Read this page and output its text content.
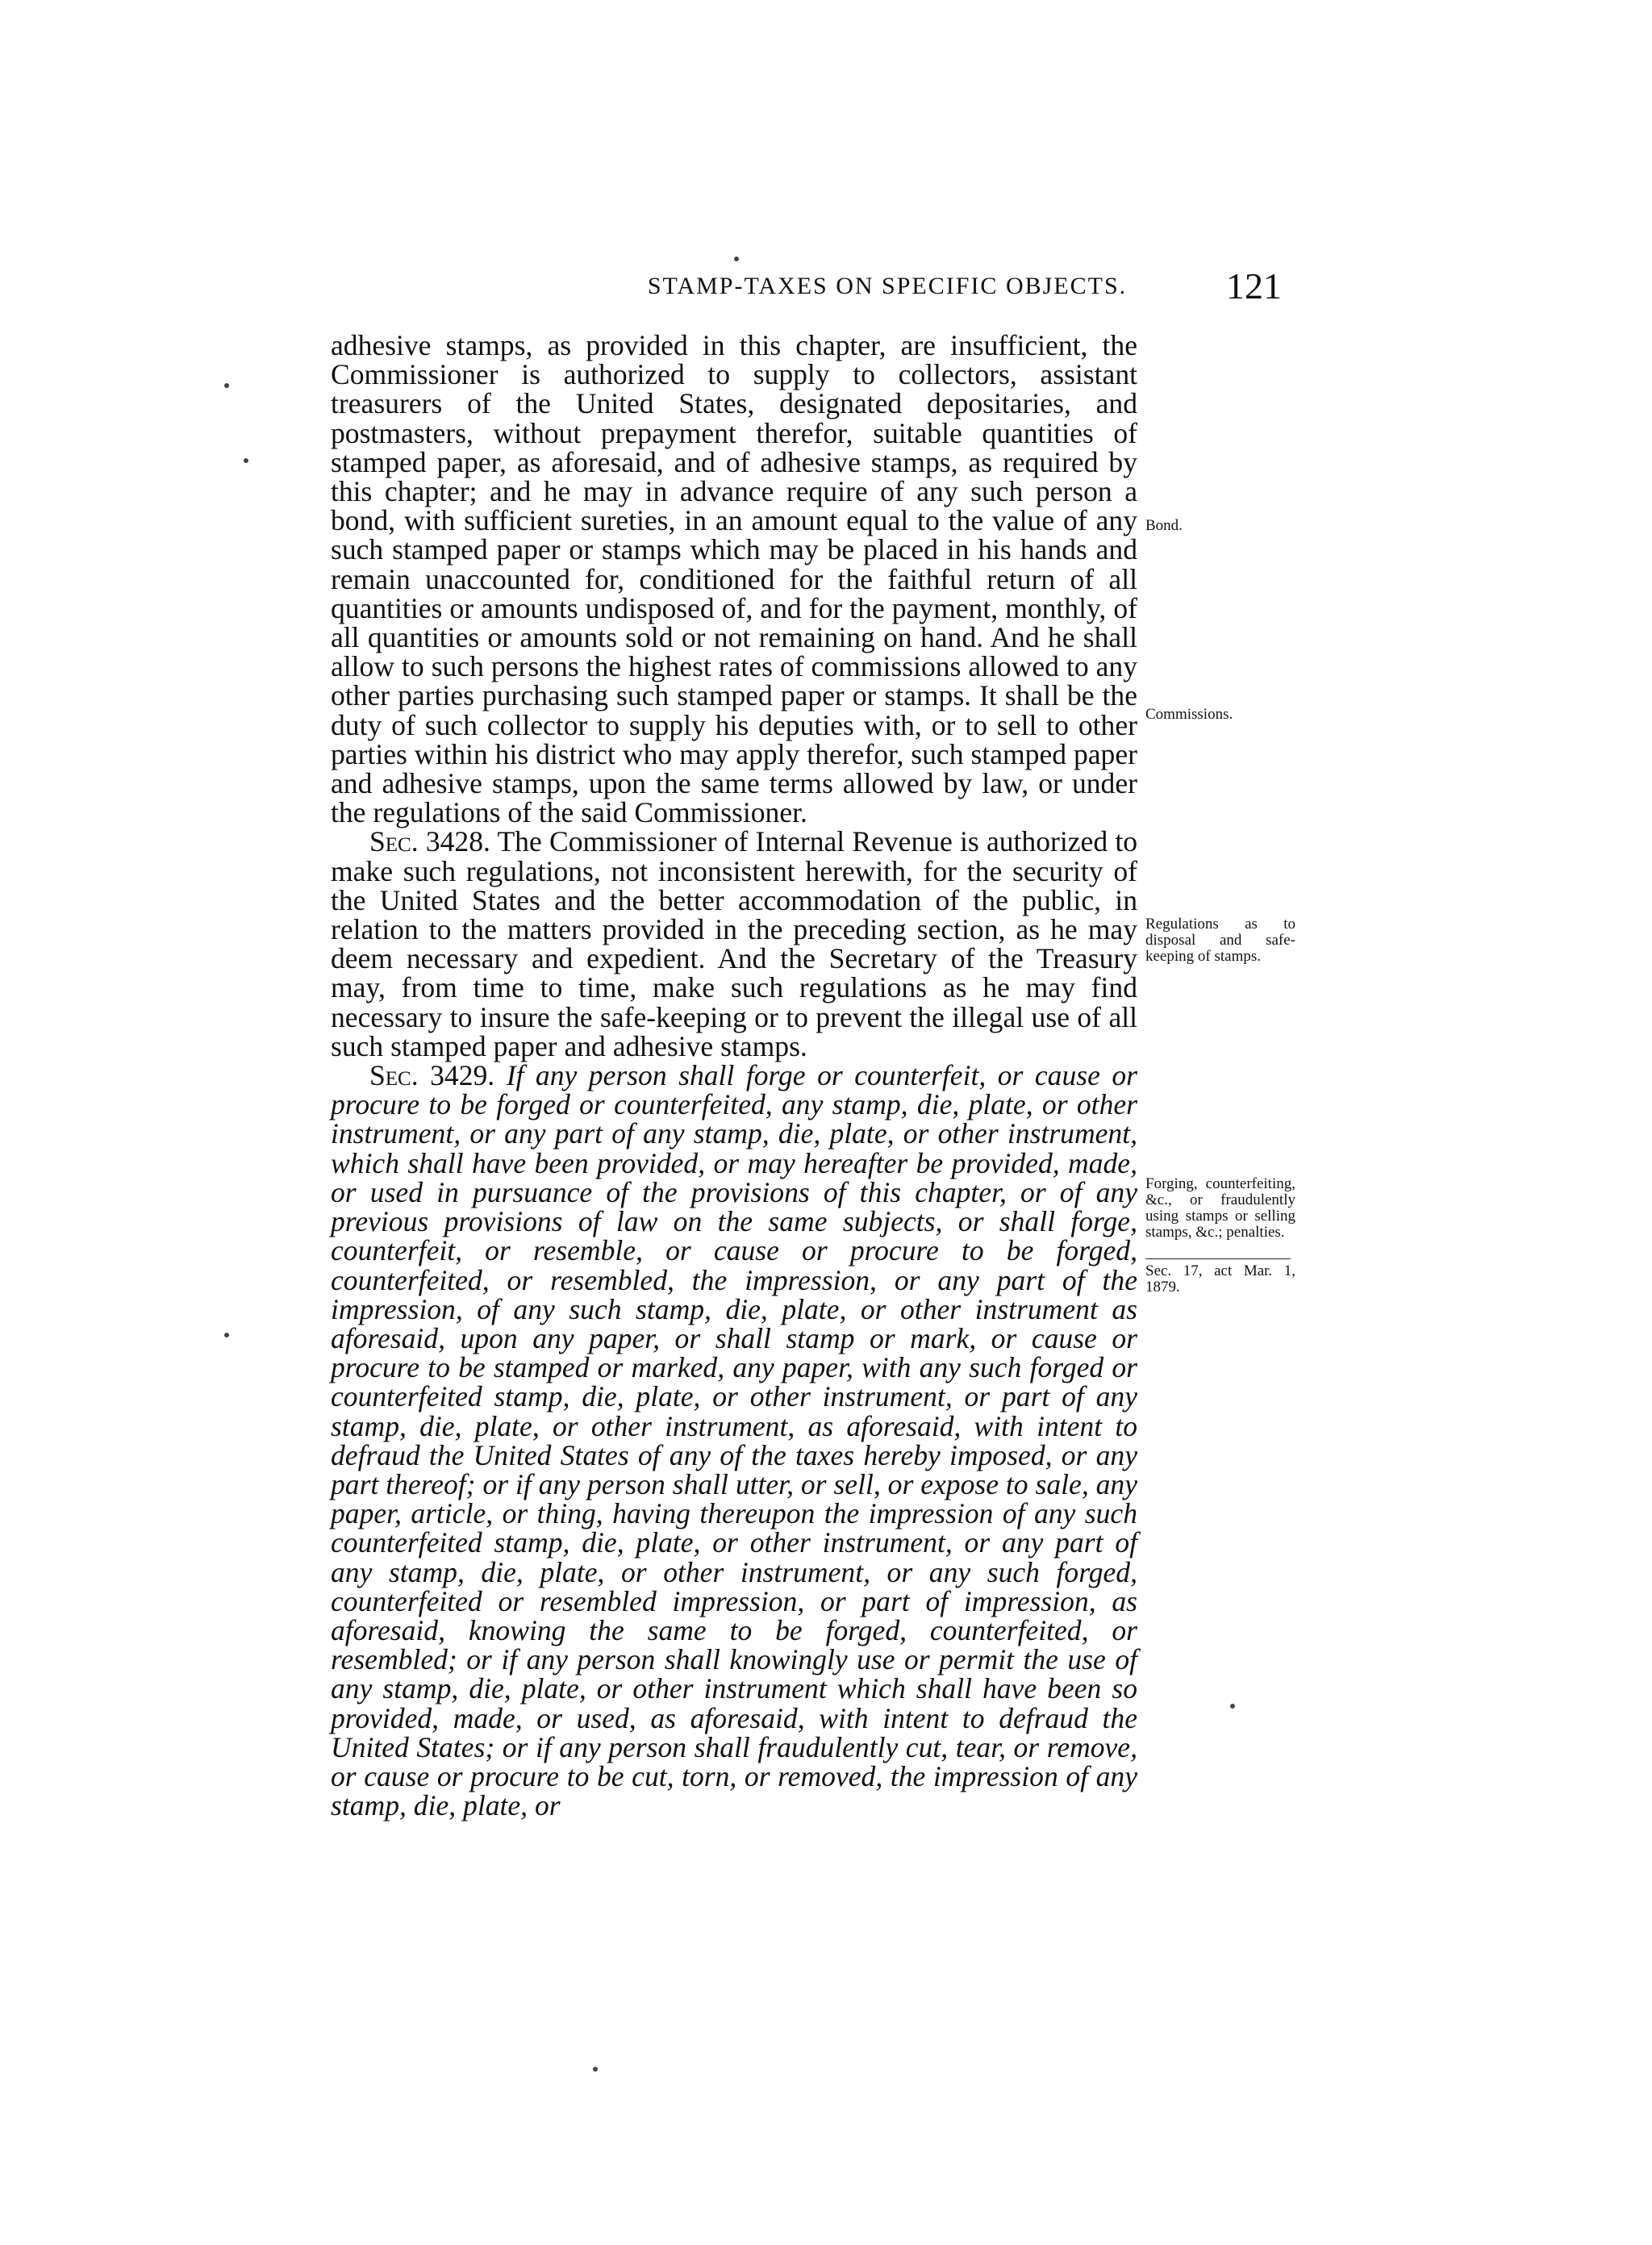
STAMP-TAXES ON SPECIFIC OBJECTS.	121

adhesive stamps, as provided in this chapter, are insufficient, the Commissioner is authorized to supply to collectors, assistant treasurers of the United States, designated depositaries, and postmasters, without prepayment therefor, suitable quantities of stamped paper, as aforesaid, and of adhesive stamps, as required by this chapter; and he may in advance require of any such person a bond, with sufficient sureties, in an amount equal to the value of any such stamped paper or stamps which may be placed in his hands and remain unaccounted for, conditioned for the faithful return of all quantities or amounts undisposed of, and for the payment, monthly, of all quantities or amounts sold or not remaining on hand. And he shall allow to such persons the highest rates of commissions allowed to any other parties purchasing such stamped paper or stamps. It shall be the duty of such collector to supply his deputies with, or to sell to other parties within his district who may apply therefor, such stamped paper and adhesive stamps, upon the same terms allowed by law, or under the regulations of the said Commissioner.

Sec. 3428. The Commissioner of Internal Revenue is authorized to make such regulations, not inconsistent herewith, for the security of the United States and the better accommodation of the public, in relation to the matters provided in the preceding section, as he may deem necessary and expedient. And the Secretary of the Treasury may, from time to time, make such regulations as he may find necessary to insure the safe-keeping or to prevent the illegal use of all such stamped paper and adhesive stamps.

Sec. 3429. If any person shall forge or counterfeit, or cause or procure to be forged or counterfeited, any stamp, die, plate, or other instrument, or any part of any stamp, die, plate, or other instrument, which shall have been provided, or may hereafter be provided, made, or used in pursuance of the provisions of this chapter, or of any previous provisions of law on the same subjects, or shall forge, counterfeit, or resemble, or cause or procure to be forged, counterfeited, or resembled, the impression, or any part of the impression, of any such stamp, die, plate, or other instrument as aforesaid, upon any paper, or shall stamp or mark, or cause or procure to be stamped or marked, any paper, with any such forged or counterfeited stamp, die, plate, or other instrument, or part of any stamp, die, plate, or other instrument, as aforesaid, with intent to defraud the United States of any of the taxes hereby imposed, or any part thereof; or if any person shall utter, or sell, or expose to sale, any paper, article, or thing, having thereupon the impression of any such counterfeited stamp, die, plate, or other instrument, or any part of any stamp, die, plate, or other instrument, or any such forged, counterfeited or resembled impression, or part of impression, as aforesaid, knowing the same to be forged, counterfeited, or resembled; or if any person shall knowingly use or permit the use of any stamp, die, plate, or other instrument which shall have been so provided, made, or used, as aforesaid, with intent to defraud the United States; or if any person shall fraudulently cut, tear, or remove, or cause or procure to be cut, torn, or removed, the impression of any stamp, die, plate, or

Bond.
Commissions.
Regulations as to disposal and safe-keeping of stamps.
Forging, counterfeiting, &c., or fraudulently using stamps or selling stamps, &c.; penalties.
Sec. 17, act Mar. 1, 1879.
